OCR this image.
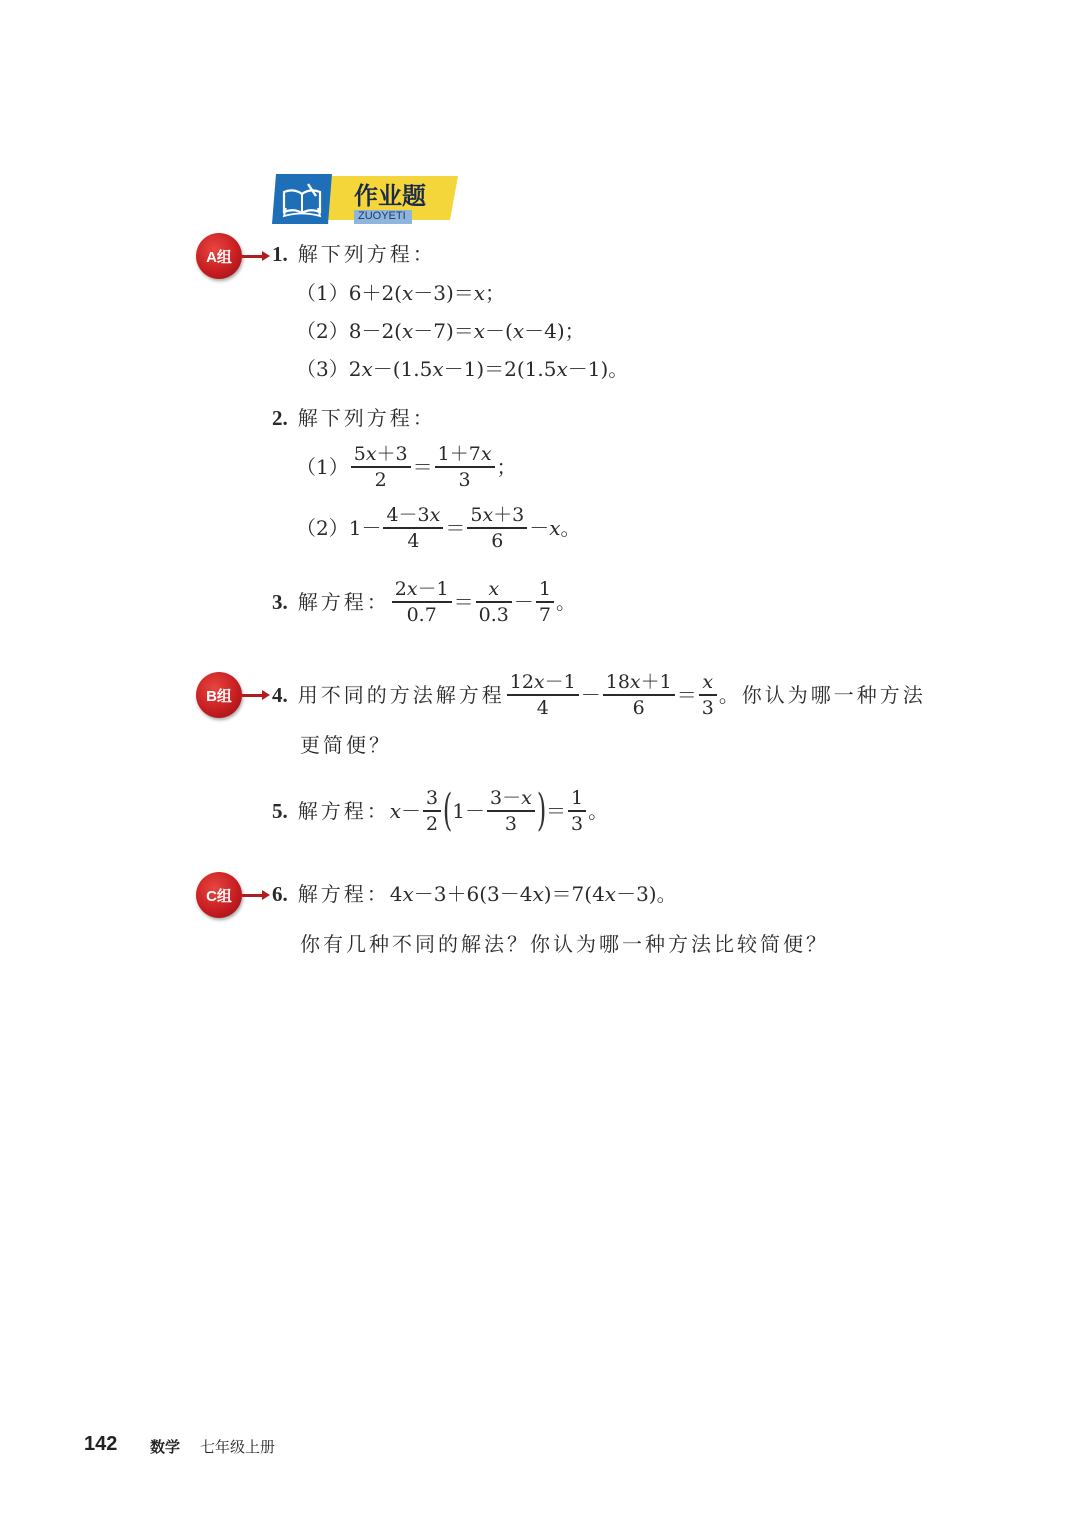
作业题
ZUOYETI
A组	1. 解下列方程：
（1）6＋2(𝑥－3)＝𝑥；
（2）8－2(𝑥－7)＝𝑥－(𝑥－4)；
（3）2𝑥－(1.5𝑥－1)＝2(1.5𝑥－1)。
2. 解下列方程：
$(1) \frac{\text{5𝑥＋3}}{2} = \frac{\text{1＋7𝑥}}{3}$ ；
（2） $1- \frac{\text{4－3𝑥}}{4} = \frac{\text{5𝑥＋3}}{6}$ －𝑥。
3. 解方程： $\frac{\text{2𝑥－1}}{0.7} = \frac{\text{𝑥}}{0.3} - \frac{1}{7}$ 。
B组	4. 用不同的方法解方程 $\frac{\text{12𝑥－1}}{4} - \frac{\text{18𝑥＋1}}{6} = \frac{\text{𝑥}}{3}$ 。你认为哪一种方法
更简便？
5. 解方程： 𝑥－ $\frac{3}{2}$ ( $1- \frac{\text{3－𝑥}}{3}$ ) ＝ $\frac{1}{3}$ 。
C组	6. 解方程： 4𝑥－3＋6(3－4𝑥)＝7(4𝑥－3)。
你有几种不同的解法？你认为哪一种方法比较简便？
142 数学 七年级上册
